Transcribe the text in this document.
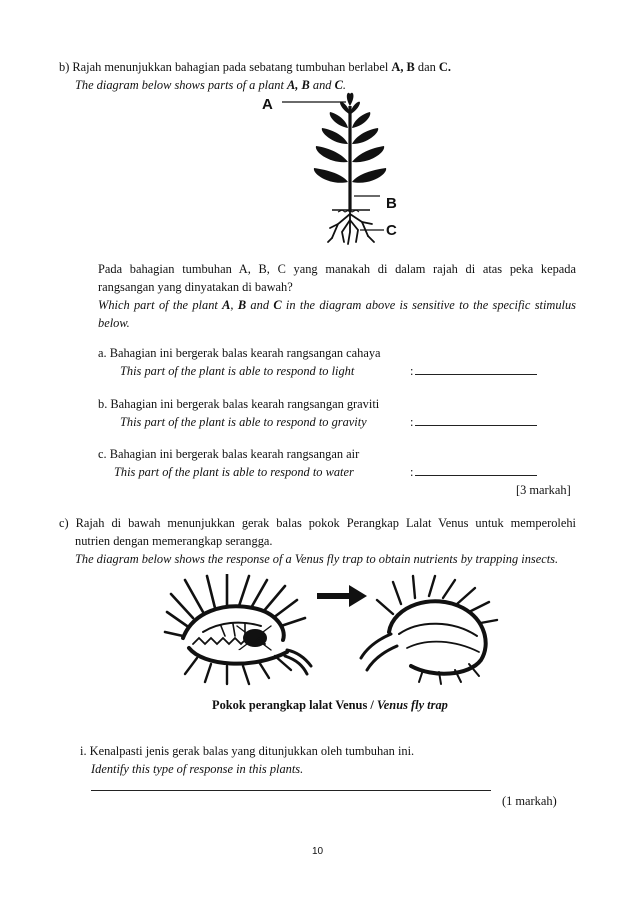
b) Rajah menunjukkan bahagian pada sebatang tumbuhan berlabel A, B dan C.
The diagram below shows parts of a plant A, B and C.
A
B
C
Pada bahagian tumbuhan A, B, C yang manakah di dalam rajah di atas peka kepada
rangsangan yang dinyatakan di bawah?
Which part of the plant A, B and C in the diagram above is sensitive to the specific stimulus
below.
a. Bahagian ini bergerak balas kearah rangsangan cahaya
This part of the plant is able to respond to light	:
b. Bahagian ini bergerak balas kearah rangsangan graviti
This part of the plant is able to respond to gravity	:
c. Bahagian ini bergerak balas kearah rangsangan air
This part of the plant is able to respond to water	:
[3 markah]
c) Rajah di bawah menunjukkan gerak balas pokok Perangkap Lalat Venus untuk memperolehi
nutrien dengan memerangkap serangga.
The diagram below shows the response of a Venus fly trap to obtain nutrients by trapping insects.
Pokok perangkap lalat Venus / Venus fly trap
i. Kenalpasti jenis gerak balas yang ditunjukkan oleh tumbuhan ini.
Identify this type of response in this plants.
(1 markah)
10
